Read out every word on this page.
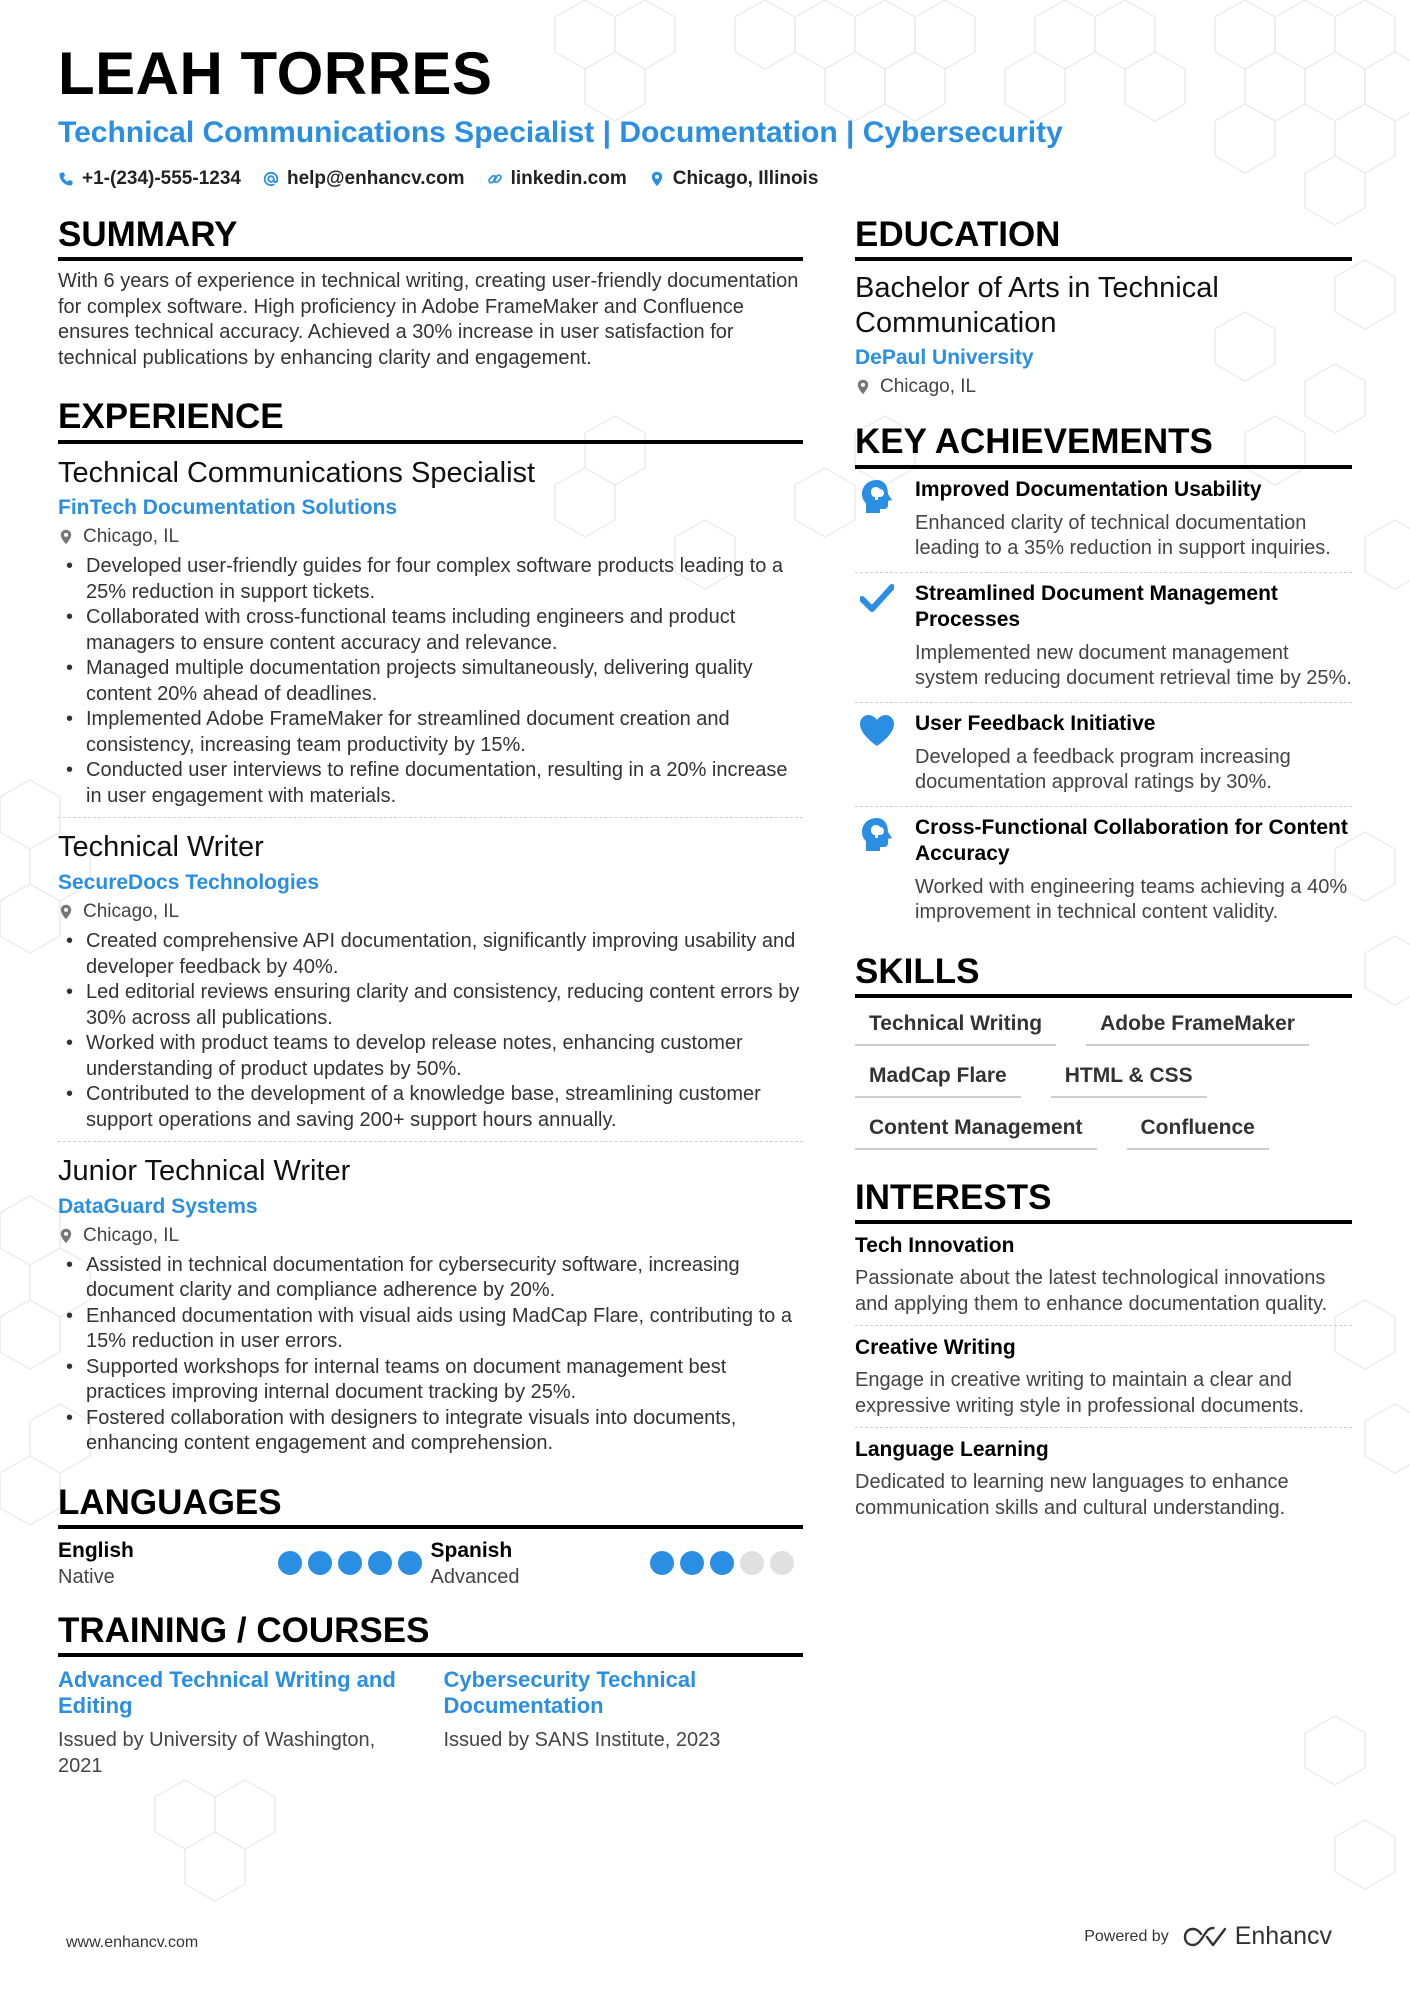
LEAH TORRES
Technical Communications Specialist | Documentation | Cybersecurity
+1-(234)-555-1234 help@enhancv.com linkedin.com Chicago, Illinois
SUMMARY

With 6 years of experience in technical writing, creating user-friendly documentation for complex software. High proficiency in Adobe FrameMaker and Confluence ensures technical accuracy. Achieved a 30% increase in user satisfaction for technical publications by enhancing clarity and engagement.

EXPERIENCE
Technical Communications Specialist
FinTech Documentation Solutions
Chicago, IL
• Developed user-friendly guides for four complex software products leading to a 25% reduction in support tickets.
• Collaborated with cross-functional teams including engineers and product managers to ensure content accuracy and relevance.
• Managed multiple documentation projects simultaneously, delivering quality content 20% ahead of deadlines.
• Implemented Adobe FrameMaker for streamlined document creation and consistency, increasing team productivity by 15%.
• Conducted user interviews to refine documentation, resulting in a 20% increase in user engagement with materials.
Technical Writer
SecureDocs Technologies
Chicago, IL
• Created comprehensive API documentation, significantly improving usability and developer feedback by 40%.
• Led editorial reviews ensuring clarity and consistency, reducing content errors by 30% across all publications.
• Worked with product teams to develop release notes, enhancing customer understanding of product updates by 50%.
• Contributed to the development of a knowledge base, streamlining customer support operations and saving 200+ support hours annually.
Junior Technical Writer
DataGuard Systems
Chicago, IL
• Assisted in technical documentation for cybersecurity software, increasing document clarity and compliance adherence by 20%.
• Enhanced documentation with visual aids using MadCap Flare, contributing to a 15% reduction in user errors.
• Supported workshops for internal teams on document management best practices improving internal document tracking by 25%.
• Fostered collaboration with designers to integrate visuals into documents, enhancing content engagement and comprehension.
LANGUAGES
English
Native
Spanish
Advanced
TRAINING / COURSES
Advanced Technical Writing and Editing
Issued by University of Washington, 2021
Cybersecurity Technical Documentation
Issued by SANS Institute, 2023
EDUCATION
Bachelor of Arts in Technical Communication
DePaul University
Chicago, IL
KEY ACHIEVEMENTS
Improved Documentation Usability
Enhanced clarity of technical documentation leading to a 35% reduction in support inquiries.
Streamlined Document Management Processes
Implemented new document management system reducing document retrieval time by 25%.
User Feedback Initiative
Developed a feedback program increasing documentation approval ratings by 30%.
Cross-Functional Collaboration for Content Accuracy
Worked with engineering teams achieving a 40% improvement in technical content validity.
SKILLS
Technical Writing	Adobe FrameMaker
MadCap Flare	HTML & CSS
Content Management	Confluence
INTERESTS
Tech Innovation
Passionate about the latest technological innovations and applying them to enhance documentation quality.
Creative Writing
Engage in creative writing to maintain a clear and expressive writing style in professional documents.
Language Learning
Dedicated to learning new languages to enhance communication skills and cultural understanding.
www.enhancv.com	Powered by	Enhancv
